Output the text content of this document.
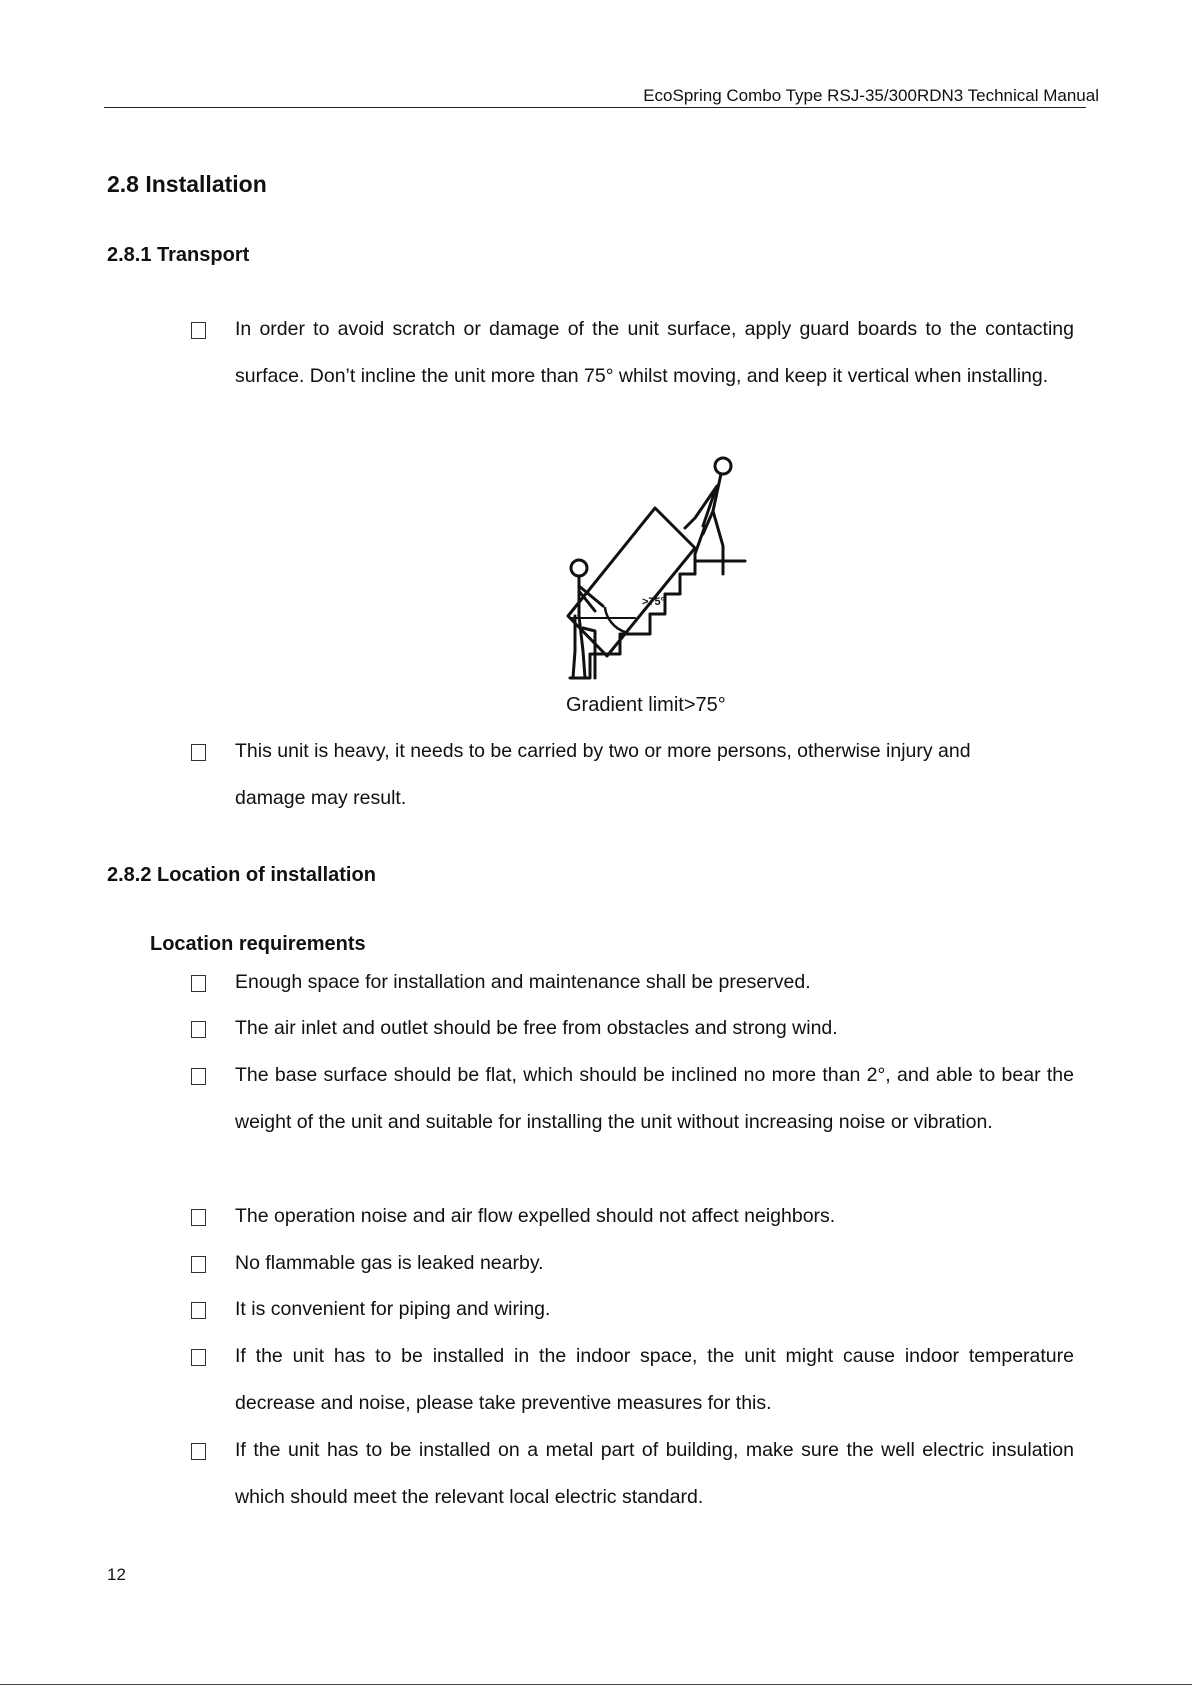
EcoSpring Combo Type RSJ-35/300RDN3 Technical Manual
2.8 Installation
2.8.1 Transport
In order to avoid scratch or damage of the unit surface, apply guard boards to the contacting surface. Don’t incline the unit more than 75° whilst moving, and keep it vertical when installing.
>75°
Gradient limit>75°
This unit is heavy, it needs to be carried by two or more persons, otherwise injury and damage may result.
2.8.2 Location of installation
Location requirements
Enough space for installation and maintenance shall be preserved.
The air inlet and outlet should be free from obstacles and strong wind.
The base surface should be flat, which should be inclined no more than 2°, and able to bear the weight of the unit and suitable for installing the unit without increasing noise or vibration.
The operation noise and air flow expelled should not affect neighbors.
No flammable gas is leaked nearby.
It is convenient for piping and wiring.
If the unit has to be installed in the indoor space, the unit might cause indoor temperature decrease and noise, please take preventive measures for this.
If the unit has to be installed on a metal part of building, make sure the well electric insulation which should meet the relevant local electric standard.
12
